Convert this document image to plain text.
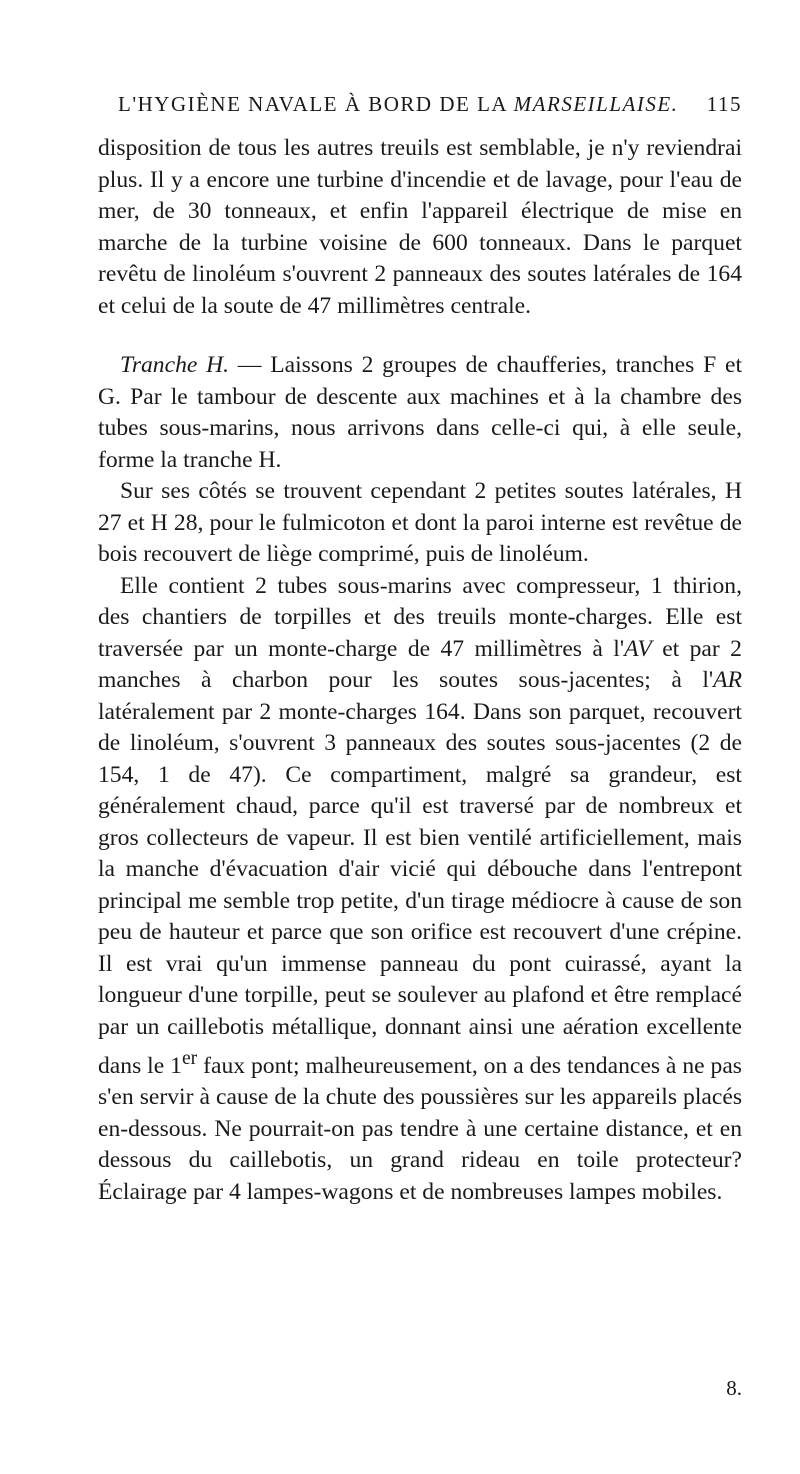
L'HYGIÈNE NAVALE À BORD DE LA MARSEILLAISE. 115

disposition de tous les autres treuils est semblable, je n'y reviendrai plus. Il y a encore une turbine d'incendie et de lavage, pour l'eau de mer, de 30 tonneaux, et enfin l'appareil électrique de mise en marche de la turbine voisine de 600 tonneaux. Dans le parquet revêtu de linoléum s'ouvrent 2 panneaux des soutes latérales de 164 et celui de la soute de 47 millimètres centrale.

Tranche H. — Laissons 2 groupes de chaufferies, tranches F et G. Par le tambour de descente aux machines et à la chambre des tubes sous-marins, nous arrivons dans celle-ci qui, à elle seule, forme la tranche H.

Sur ses côtés se trouvent cependant 2 petites soutes latérales, H 27 et H 28, pour le fulmicoton et dont la paroi interne est revêtue de bois recouvert de liège comprimé, puis de linoléum.

Elle contient 2 tubes sous-marins avec compresseur, 1 thirion, des chantiers de torpilles et des treuils monte-charges. Elle est traversée par un monte-charge de 47 millimètres à l'AV et par 2 manches à charbon pour les soutes sous-jacentes; à l'AR latéralement par 2 monte-charges 164. Dans son parquet, recouvert de linoléum, s'ouvrent 3 panneaux des soutes sous-jacentes (2 de 154, 1 de 47). Ce compartiment, malgré sa grandeur, est généralement chaud, parce qu'il est traversé par de nombreux et gros collecteurs de vapeur. Il est bien ventilé artificiellement, mais la manche d'évacuation d'air vicié qui débouche dans l'entrepont principal me semble trop petite, d'un tirage médiocre à cause de son peu de hauteur et parce que son orifice est recouvert d'une crépine. Il est vrai qu'un immense panneau du pont cuirassé, ayant la longueur d'une torpille, peut se soulever au plafond et être remplacé par un caillebotis métallique, donnant ainsi une aération excellente dans le 1er faux pont; malheureusement, on a des tendances à ne pas s'en servir à cause de la chute des poussières sur les appareils placés en-dessous. Ne pourrait-on pas tendre à une certaine distance, et en dessous du caillebotis, un grand rideau en toile protecteur? Éclairage par 4 lampes-wagons et de nombreuses lampes mobiles.

8.
